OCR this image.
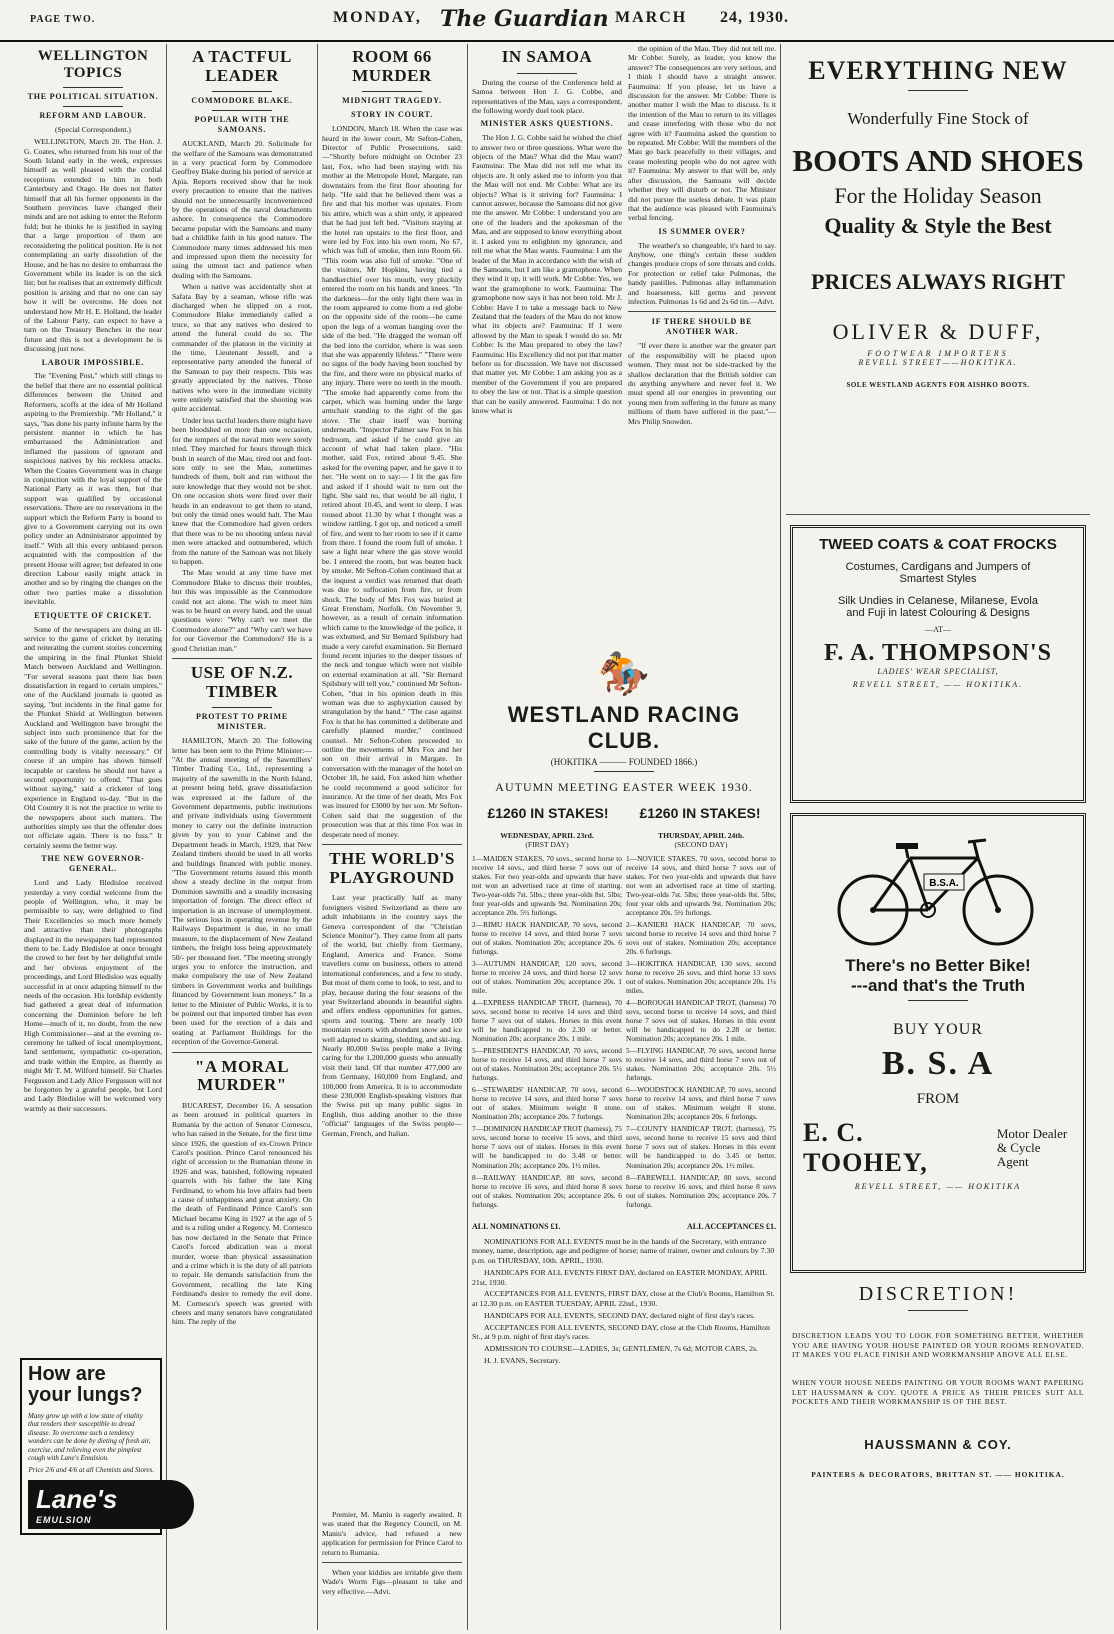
PAGE TWO.	MONDAY, The Guardian MARCH 24, 1930.
WELLINGTON TOPICS
THE POLITICAL SITUATION.
REFORM AND LABOUR.
(Special Correspondent.)

WELLINGTON, March 20. The Hon. J. G. Coates, who returned from his tour of the South Island early in the week, expresses himself as well pleased with the cordial receptions extended to him in both Canterbury and Otago. He does not flatter himself that all his former opponents in the Southern provinces have changed their minds and are not asking to enter the Reform fold; but he thinks he is justified in saying that a large proportion of them are reconsidering the political position. He is not contemplating an early dissolution of the House, and he has no desire to embarrass the Government while its leader is on the sick list; but he realises that an extremely difficult position is arising and that no one can say how it will be overcome. He does not understand how Mr H. E. Holland, the leader of the Labour Party, can expect to have a turn on the Treasury Benches in the near future and this is not a development he is discussing just now.

LABOUR IMPOSSIBLE.

The "Evening Post," which still clings to the belief that there are no essential political differences between the United and Reformers, scoffs at the idea of Mr Holland aspiring to the Premiership. "Mr Holland," it says, "has done his party infinite harm by the persistent manner in which he has embarrassed the Administration and inflamed the passions of ignorant and suspicious natives by his reckless attacks. When the Coates Government was in charge in conjunction with the loyal support of the National Party as it was then, but that support was qualified by occasional reservations. There are no reservations in the support which the Reform Party is bound to give to a Government carrying out its own policy under an Administrator appointed by itself." With all this every unbiased person acquainted with the composition of the present House will agree; but defeated in one direction Labour easily might attack in another and so by ringing the changes on the other two parties make a dissolution inevitable.

ETIQUETTE OF CRICKET.

Some of the newspapers are doing an ill-service to the game of cricket by iterating and reiterating the current stories concerning the umpiring in the final Plunket Shield Match between Auckland and Wellington. "For several seasons past there has been dissatisfaction in regard to certain umpires," one of the Auckland journals is quoted as saying, "but incidents in the final game for the Plunket Shield at Wellington between Auckland and Wellington have brought the subject into such prominence that for the sake of the future of the game, action by the controlling body is vitally necessary." Of course if an umpire has shown himself incapable or careless he should not have a second opportunity to offend. "That goes without saying," said a cricketer of long experience in England to-day. "But in the Old Country it is not the practice to write to the newspapers about such matters. The authorities simply see that the offender does not officiate again. There is no fuss." It certainly seems the better way.

THE NEW GOVERNOR-GENERAL.

Lord and Lady Bledisloe received yesterday a very cordial welcome from the people of Wellington, who, it may be permissible to say, were delighted to find Their Excellencies so much more homely and attractive than their photographs displayed in the newspapers had represented them to be. Lady Bledisloe at once brought the crowd to her feet by her delightful smile and her obvious enjoyment of the proceedings, and Lord Bledisloo was equally successful in at once adapting himself to the needs of the occasion. His lordship evidently had gathered a great deal of information concerning the Dominion before he left Home—much of it, no doubt, from the new High Commissioner—and at the evening re-ceremony he talked of local unemployment, land settlement, sympathetic co-operation, and trade within the Empire, as fluently as might Mr T. M. Wilford himself. Sir Charles Fergusson and Lady Alice Fergusson will not be forgotten by a grateful people, but Lord and Lady Bledisloe will be welcomed very warmly as their successors.

How are your lungs?
Many grow up with a low state of vitality that renders their susceptible to dread disease. To overcome such a tendency wonders can be done by dieting of fresh air, exercise, and relieving even the pimplest cough with Lane's Emulsion.
Price 2/6 and 4/6 at all Chemists and Stores.
Lane's
EMULSION
A TACTFUL LEADER
COMMODORE BLAKE.
POPULAR WITH THE SAMOANS.

AUCKLAND, March 20. Solicitude for the welfare of the Samoans was demonstrated in a very practical form by Commodore Geoffrey Blake during his period of service at Apia. Reports received show that he took every precaution to ensure that the natives should not be unnecessarily inconvenienced by the operations of the naval detachments ashore. In consequence the Commodore became popular with the Samoans and many had a childlike faith in his good nature. The Commodore many times addressed his men and impressed upon them the necessity for using the utmost tact and patience when dealing with the Samoans.

When a native was accidentally shot at Safata Bay by a seaman, whose rifle was discharged when he slipped on a root, Commodore Blake immediately called a truce, so that any natives who desired to attend the funeral could do so. The commander of the platoon in the vicinity at the time, Lieutenant Jessell, and a representative party attended the funeral of the Samoan to pay their respects. This was greatly appreciated by the natives. Those natives who were in the immediate vicinity were entirely satisfied that the shooting was quite accidental.

Under less tactful leaders there might have been bloodshed on more than one occasion, for the tempers of the naval men were sorely tried. They marched for hours through thick bush in search of the Mau, tired out and foot-sore only to see the Mau, sometimes hundreds of them, bolt and run without the sure knowledge that they would not be shot. On one occasion shots were fired over their heads in an endeavour to get them to stand, but only the timid ones would halt. The Mau knew that the Commodore had given orders that there was to be no shooting unless naval men were attacked and outnumbered, which from the nature of the Samoan was not likely to happen.

The Mau would at any time have met Commodore Blake to discuss their troubles, but this was impossible as the Commodore could not act alone. The wish to meet him was to be heard on every hand, and the usual questions were: "Why can't we meet the Commodore alone?" and "Why can't we have for our Governor the Commodore? He is a good Christian man."

USE OF N.Z. TIMBER
PROTEST TO PRIME MINISTER.

HAMILTON, March 20. The following letter has been sent to the Prime Minister:— "At the annual meeting of the Sawmillers' Timber Trading Co., Ltd., representing a majority of the sawmills in the North Island, at present being held, grave dissatisfaction was expressed at the failure of the Government departments, public institutions and private individuals using Government money to carry out the definite instruction given by you to your Cabinet and the Department heads in March, 1929, that New Zealand timbers should be used in all works and buildings financed with public money. "The Government returns issued this month show a steady decline in the output from Dominion sawmills and a steadily increasing importation of foreign. The direct effect of importation is an increase of unemployment. The serious loss in operating revenue by the Railways Department is due, in no small measure, to the displacement of New Zealand timbers, the freight loss being approximately 50/- per thousand feet. "The meeting strongly urges you to enforce the instruction, and make compulsory the use of New Zealand timbers in Government works and buildings financed by Government loan moneys." In a letter to the Minister of Public Works, it is to be pointed out that imported timber has even been used for the erection of a dais and seating at Parliament Buildings for the reception of the Governor-General.

"A MORAL MURDER"

BUCAREST, December 16. A sensation as been aroused in political quarters in Rumania by the action of Senator Cornescu, who has raised in the Senate, for the first time since 1926, the question of ex-Crown Prince Carol's position. Prince Carol renounced his right of accession to the Rumanian throne in 1926 and was, banished, following repeated quarrels with his father the late King Ferdinand, to whom his love affairs had been a cause of unhappiness and great anxiety. On the death of Ferdinand Prince Carol's son Michael became King in 1927 at the age of 5 and is a ruling under a Regency. M. Cornescu has now declared in the Senate that Prince Carol's forced abdication was a moral murder, worse than physical assassination and a crime which it is the duty of all patriots to repair. He demands satisfaction from the Government, recalling the late King Ferdinand's desire to remedy the evil done. M. Cornescu's speech was greeted with cheers and many senators have congratulated him. The reply of the

ROOM 66 MURDER
MIDNIGHT TRAGEDY.
STORY IN COURT.

LONDON, March 18. When the case was heard in the lower court, Mr Sefton-Cohen, Director of Public Prosecutions, said:—"Shortly before midnight on October 23 last, Fox, who had been staying with his mother at the Metropole Hotel, Margate, ran downstairs from the first floor shouting for help. "He said that he believed there was a fire and that his mother was upstairs. From his attire, which was a shirt only, it appeared that he had just left bed. "Visitors staying at the hotel ran upstairs to the first floor, and were led by Fox into his own room, No 67, which was full of smoke, then into Room 66. "This room was also full of smoke. "One of the visitors, Mr Hopkins, having tied a handkerchief over his mouth, very pluckily entered the room on his hands and knees. "In the darkness—for the only light there was in the room appeared to come from a red globe on the opposite side of the room—he came upon the legs of a woman hanging over the side of the bed. "He dragged the woman off the bed into the corridor, where is was seen that she was apparently lifeless." "There were no signs of the body having been touched by the fire, and there were no physical marks of any injury. There were no teeth in the mouth. "The smoke had apparently come from the carpet, which was burning under the large armchair standing to the right of the gas stove. The chair itself was burning underneath. "Inspector Palmer saw Fox in his bedroom, and asked if he could give an account of what had taken place. "His mother, said Fox, retired about 9.45. She asked for the evening paper, and he gave it to her. "He went on to say:— I lit the gas fire and asked if I should wait to turn out the light. She said no, that would be all right, I retired about 10.45, and went to sleep. I was roused about 11.30 by what I thought was a window rattling. I got up, and noticed a smell of fire, and went to her room to see if it came from there. I found the room full of smoke. I saw a light near where the gas stove would be. I entered the room, but was beaten back by smoke. Mr Sefton-Cohen continued that at the inquest a verdict was returned that death was due to suffocation from fire, or from shock. The body of Mrs Fox was buried at Great Frensham, Norfolk. On November 9, however, as a result of certain information which came to the knowledge of the police, it was exhumed, and Sir Bernard Spilsbury had made a very careful examination. Sir Bernard found recent injuries to the deeper tissues of the neck and tongue which were not visible on external examination at all. "Sir Bernard Spilsbury will tell you," continued Mr Sefton-Cohen, "that in his opinion death in this woman was due to asphyxiation caused by strangulation by the hand." "The case against Fox is that he has committed a deliberate and carefully planned murder," continued counsel. Mr Sefton-Cohen proceeded to outline the movements of Mrs Fox and her son on their arrival in Margate. In conversation with the manager of the hotel on October 18, he said, Fox asked him whether he could recommend a good solicitor for insurance. At the time of her death, Mrs Fox was insured for £3000 by her son. Mr Sefton-Cohen said that the suggestion of the prosecution was that at this time Fox was in desperate need of money.

THE WORLD'S PLAYGROUND

Last year practically half as many foreigners visited Switzerland as there are adult inhabitants in the country says the Geneva correspondent of the "Christian Science Monitor"). They came from all parts of the world, but chiefly from Germany, England, America and France. Some travellers come on business, others to attend international conferences, and a few to study. But most of them come to look, to rest, and to play, because during the four seasons of the year Switzerland abounds in beautiful sights and offers endless opportunities for games, sports and touring. There are nearly 100 mountain resorts with abundant snow and ice well adapted to skating, sledding, and ski-ing. Nearly 80,000 Swiss people make a living caring for the 1,200,000 guests who annually visit their land. Of that number 477,000 are from Germany, 160,000 from England, and 100,000 from America. It is to accommodate these 230,000 English-speaking visitors that the Swiss put up many public signs in English, thus adding another to the three "official" languages of the Swiss people—German, French, and Italian.

Premier, M. Maniu is eagerly awaited. It was stated that the Regency Council, on M. Maniu's advice, had refused a new application for permission for Prince Carol to return to Rumania.

When your kiddies are irritable give them Wade's Worm Figs—pleasant to take and very effective.—Advt.

IN SAMOA

During the course of the Conference held at Samoa between Hon J. G. Cobbe, and representatives of the Mau, says a correspondent, the following wordy duel took place.

MINISTER ASKS QUESTIONS.

The Hon J. G. Cobbe said he wished the chief to answer two or three questions. What were the objects of the Mau? What did the Mau want? Faumuina: The Mau did not tell me what its objects are. It only asked me to inform you that the Mau will not end. Mr Cobbe: What are its objects? What is it striving for? Faumuina: I cannot answer, because the Samoans did not give me the answer. Mr Cobbe: I understand you are one of the leaders and the spokesman of the Mau, and are supposed to know everything about it. I asked you to enlighten my ignorance, and tell me what the Mau wants. Faumuina: I am the leader of the Mau in accordance with the wish of the Samoans, but I am like a gramophone. When they wind it up, it will work. Mr Cobbe: Yes, we want the gramophone to work. Faumuina: The gramophone now says it has not been told. Mr J. Cobbe: Have I to take a message back to New Zealand that the leaders of the Mau do not know what its objects are? Faumuina: If I were allowed by the Man to speak I would do so. Mr Cobbe: Is the Mau prepared to obey the law? Faumuina: His Excellency did not put that matter before us for discussion. We have not discussed that matter yet. Mr Cobbe: I am asking you as a member of the Government if you are prepared to obey the law or not. That is a simple question that can be easily answered. Faumuina: I do not know what is

the opinion of the Mau. They did not tell me. Mr Cobbe: Surely, as leader, you know the answer? The consequences are very serious, and I think I should have a straight answer. Faumuina: If you please, let us have a discussion for the answer. Mr Cobbe: There is another matter I wish the Mau to discuss. Is it the intention of the Mau to return to its villages and cease interfering with those who do not agree with it? Faumuina asked the question to be repeated. Mr Cobbe: Will the members of the Mau go back peacefully to their villages, and cease molesting people who do not agree with it? Faumuina: My answer to that will be, only after discussion, the Samoans will decide whether they will disturb or not. The Minister did not pursue the useless debate. It was plain that the audience was pleased with Faumuina's verbal fencing.

IS SUMMER OVER?

The weather's so changeable, it's hard to say. Anyhow, one thing's certain these sudden changes produce crops of sore throats and colds. For protection or relief take Pulmonas, the handy pastilles. Pulmonas allay inflammation and hoarseness, kill germs and prevent infection. Pulmonas 1s 6d and 2s 6d tin.—Advt.

IF THERE SHOULD BE ANOTHER WAR.

"If ever there is another war the greater part of the responsibility will be placed upon women. They must not be side-tracked by the shallow declaration that the British soldier can do anything anywhere and never feel it. We must spend all our energies in preventing our young men from suffering in the future as many millions of them have suffered in the past."—Mrs Philip Snowden.

🏇
WESTLAND RACING CLUB.
(HOKITIKA ——— FOUNDED 1866.)
AUTUMN MEETING EASTER WEEK 1930.
£1260 IN STAKES! £1260 IN STAKES!
WEDNESDAY, APRIL 23rd.
(FIRST DAY)

1—MAIDEN STAKES, 70 sovs., second horse to receive 14 sovs., and third horse 7 sovs out of stakes. For two year-olds and upwards that have not won an advertised race at time of starting. Two-year-olds 7st. 5lbs.; three year-olds 8st. 5lbs; four year-olds and upwards 9st. Nomination 20s; acceptance 20s. 5½ furlongs.

2—RIMU HACK HANDICAP, 70 sovs, second horse to receive 14 sovs, and third horse 7 sovs out of stakes. Nomination 20s; acceptance 20s. 6 furlongs.

3—AUTUMN HANDICAP, 120 sovs, second horse to receive 24 sovs, and third horse 12 sovs out of stakes. Nomination 20s; acceptance 20s. 1 mile.

4—EXPRESS HANDICAP TROT, (harness), 70 sovs, second horse to receive 14 sovs and third horse 7 sovs out of stakes. Horses in this event will be handicapped to do 2.30 or better. Nomination 20s; acceptance 20s. 1 mile.

5—PRESIDENT'S HANDICAP, 70 sovs, second horse to receive 14 sovs, and third horse 7 sovs out of stakes. Nomination 20s; acceptance 20s. 5½ furlongs.

6—STEWARDS' HANDICAP, 70 sovs, second horse to receive 14 sovs, and third horse 7 sovs out of stakes. Minimum weight 8 stone. Nomination 20s; acceptance 20s. 7 furlongs.

7—DOMINION HANDICAP TROT (harness), 75 sovs, second horse to receive 15 sovs, and third horse 7 sovs out of stakes. Horses in this event will be handicapped to do 3.48 or better. Nomination 20s; acceptance 20s. 1½ miles.

8—RAILWAY HANDICAP, 80 sovs, second horse to receive 16 sovs, and third horse 8 sovs out of stakes. Nomination 20s; acceptance 20s. 6 furlongs.

THURSDAY, APRIL 24th.
(SECOND DAY)

1—NOVICE STAKES, 70 sovs, second horse to receive 14 sovs, and third horse 7 sovs out of stakes. For two year-olds and upwards that have not won an advertised race at time of starting. Two-year-olds 7st. 5lbs; three year-olds 8st. 5lbs; four year olds and upwards 9st. Nomination 20s; acceptance 20s. 5½ furlongs.

2—KANIERI HACK HANDICAP, 70 sovs, second horse to receive 14 sovs and third horse 7 sovs out of stakes. Nomination 20s; acceptance 20s. 6 furlongs.

3—HOKITIKA HANDICAP, 130 sovs, second horse to receive 26 sovs, and third horse 13 sovs out of stakes. Nomination 20s; acceptance 20s. 1¼ miles.

4—BOROUGH HANDICAP TROT, (harness) 70 sovs, second horse to receive 14 sovs, and third horse 7 sovs out of stakes. Horses in this event will be handicapped to do 2.28 or better. Nomination 20s; acceptance 20s. 1 mile.

5—FLYING HANDICAP, 70 sovs, second horse to receive 14 sovs, and third horse 7 sovs out of stakes. Nomination 20s; acceptance 20s. 5½ furlongs.

6—WOODSTOCK HANDICAP, 70 sovs, second horse to receive 14 sovs, and third horse 7 sovs out of stakes. Minimum weight 8 stone. Nomination 20s; acceptance 20s. 6 furlongs.

7—COUNTY HANDICAP TROT, (harness), 75 sovs, second horse to receive 15 sovs and third horse 7 sovs out of stakes. Horses in this event will be handicapped to do 3.45 or better. Nomination 20s; acceptance 20s. 1½ miles.

8—FAREWELL HANDICAP, 80 sovs, second horse to receive 16 sovs, and third horse 8 sovs out of stakes. Nomination 20s; acceptance 20s. 7 furlongs.

ALL NOMINATIONS £1.	ALL ACCEPTANCES £1.

NOMINATIONS FOR ALL EVENTS must be in the hands of the Secretary, with entrance money, name, description, age and pedigree of horse; name of trainer, owner and colours by 7.30 p.m. on THURSDAY, 10th. APRIL, 1930.

HANDICAPS FOR ALL EVENTS FIRST DAY, declared on EASTER MONDAY, APRIL 21st, 1930.

ACCEPTANCES FOR ALL EVENTS, FIRST DAY, close at the Club's Rooms, Hamilton St. at 12.30 p.m. on EASTER TUESDAY, APRIL 22nd., 1930.

HANDICAPS FOR ALL EVENTS, SECOND DAY, declared night of first day's races.

ACCEPTANCES FOR ALL EVENTS, SECOND DAY, close at the Club Rooms, Hamilton St., at 9 p.m. night of first day's races.

ADMISSION TO COURSE—LADIES, 3s; GENTLEMEN, 7s 6d; MOTOR CARS, 2s.

H. J. EVANS, Secretary.

EVERYTHING NEW
Wonderfully Fine Stock of
BOOTS AND SHOES
For the Holiday Season
Quality & Style the Best
PRICES ALWAYS RIGHT
OLIVER & DUFF,
FOOTWEAR IMPORTERS
REVELL STREET——HOKITIKA.
SOLE WESTLAND AGENTS FOR AISHKO BOOTS.
TWEED COATS & COAT FROCKS
Costumes, Cardigans and Jumpers of
Smartest Styles
Silk Undies in Celanese, Milanese, Evola
and Fuji in latest Colouring & Designs
—AT—
F. A. THOMPSON'S
LADIES' WEAR SPECIALIST,
REVELL STREET, —— HOKITIKA.
B.S.A.
There's no Better Bike!
---and that's the Truth
BUY YOUR
B. S. A
FROM
E. C. TOOHEY,
Motor Dealer
& Cycle Agent
REVELL STREET, —— HOKITIKA
DISCRETION!
DISCRETION LEADS YOU TO LOOK FOR SOMETHING BETTER, WHETHER YOU ARE HAVING YOUR HOUSE PAINTED OR YOUR ROOMS RENOVATED. IT MAKES YOU PLACE FINISH AND WORKMANSHIP ABOVE ALL ELSE.
WHEN YOUR HOUSE NEEDS PAINTING OR YOUR ROOMS WANT PAPERING LET HAUSSMANN & COY. QUOTE A PRICE AS THEIR PRICES SUIT ALL POCKETS AND THEIR WORKMANSHIP IS OF THE BEST.
HAUSSMANN & COY.
PAINTERS & DECORATORS, BRITTAN ST. —— HOKITIKA.
